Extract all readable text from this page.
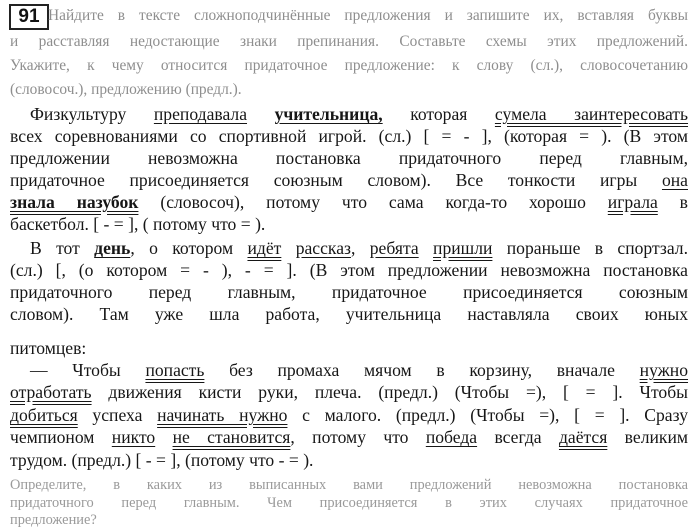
91 Найдите в тексте сложноподчинённые предложения и запишите их, вставляя буквы
и расставляя недостающие знаки препинания. Составьте схемы этих предложений.
Укажите, к чему относится придаточное предложение: к слову (сл.), словосочетанию
(словосоч.), предложению (предл.).
Физкультуру преподавала учительница, которая сумела заинтересовать
всех соревнованиями со спортивной игрой. (сл.) [ = - ], (которая = ). (В этом
предложении невозможна постановка придаточного перед главным,
придаточное присоединяется союзным словом). Все тонкости игры она
знала назубок (словосоч), потому что сама когда-то хорошо играла в
баскетбол. [ - = ], ( потому что = ).
В тот день, о котором идёт рассказ, ребята пришли пораньше в спортзал.
(сл.) [, (о котором = - ), - = ]. (В этом предложении невозможна постановка
придаточного перед главным, придаточное присоединяется союзным
словом). Там уже шла работа, учительница наставляла своих юных
питомцев:
— Чтобы попасть без промаха мячом в корзину, вначале нужно
отработать движения кисти руки, плеча. (предл.) (Чтобы =), [ = ]. Чтобы
добиться успеха начинать нужно с малого. (предл.) (Чтобы =), [ = ]. Сразу
чемпионом никто не становится, потому что победа всегда даётся великим
трудом. (предл.) [ - = ], (потому что - = ).
Определите, в каких из выписанных вами предложений невозможна постановка
придаточного перед главным. Чем присоединяется в этих случаях придаточное
предложение?
